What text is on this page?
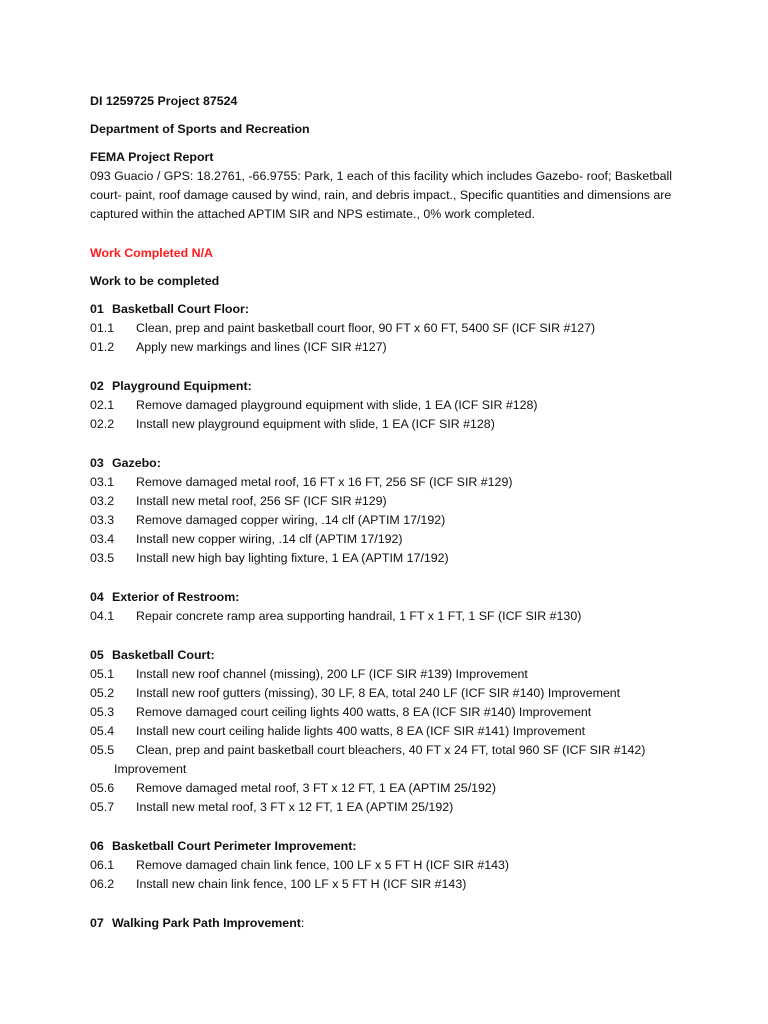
DI 1259725 Project 87524
Department of Sports and Recreation
FEMA Project Report
093 Guacio / GPS: 18.2761, -66.9755: Park, 1 each of this facility which includes Gazebo- roof; Basketball court- paint, roof damage caused by wind, rain, and debris impact., Specific quantities and dimensions are captured within the attached APTIM SIR and NPS estimate., 0% work completed.
Work Completed N/A
Work to be completed
01 Basketball Court Floor:
01.1	Clean, prep and paint basketball court floor, 90 FT x 60 FT, 5400 SF (ICF SIR #127)
01.2	Apply new markings and lines (ICF SIR #127)
02 Playground Equipment:
02.1	Remove damaged playground equipment with slide, 1 EA (ICF SIR #128)
02.2	Install new playground equipment with slide, 1 EA (ICF SIR #128)
03 Gazebo:
03.1	Remove damaged metal roof, 16 FT x 16 FT, 256 SF (ICF SIR #129)
03.2	Install new metal roof, 256 SF (ICF SIR #129)
03.3	Remove damaged copper wiring, .14 clf (APTIM 17/192)
03.4	Install new copper wiring, .14 clf (APTIM 17/192)
03.5	Install new high bay lighting fixture, 1 EA (APTIM 17/192)
04 Exterior of Restroom:
04.1	Repair concrete ramp area supporting handrail, 1 FT x 1 FT, 1 SF (ICF SIR #130)
05 Basketball Court:
05.1	Install new roof channel (missing), 200 LF (ICF SIR #139) Improvement
05.2	Install new roof gutters (missing), 30 LF, 8 EA, total 240 LF (ICF SIR #140) Improvement
05.3	Remove damaged court ceiling lights 400 watts, 8 EA (ICF SIR #140) Improvement
05.4	Install new court ceiling halide lights 400 watts, 8 EA (ICF SIR #141) Improvement
05.5	Clean, prep and paint basketball court bleachers, 40 FT x 24 FT, total 960 SF (ICF SIR #142)
Improvement
05.6	Remove damaged metal roof, 3 FT x 12 FT, 1 EA (APTIM 25/192)
05.7	Install new metal roof, 3 FT x 12 FT, 1 EA (APTIM 25/192)
06 Basketball Court Perimeter Improvement:
06.1	Remove damaged chain link fence, 100 LF x 5 FT H (ICF SIR #143)
06.2	Install new chain link fence, 100 LF x 5 FT H (ICF SIR #143)
07 Walking Park Path Improvement:
